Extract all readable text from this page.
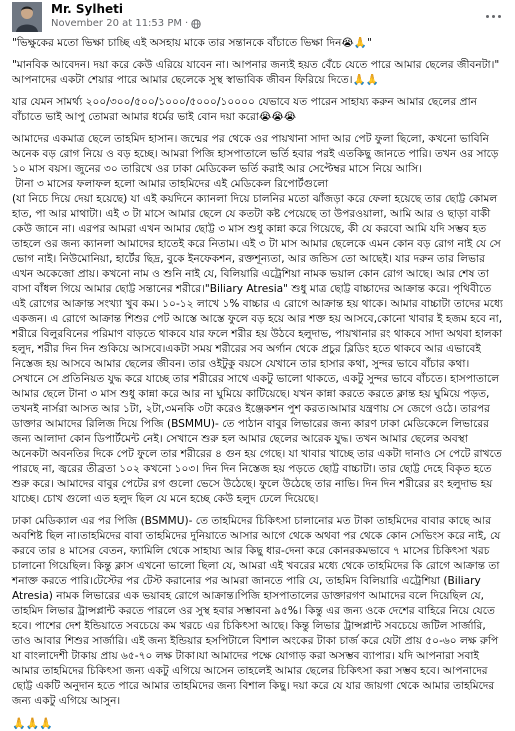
Mr. Sylheti
November 20 at 11:53 PM ·

"ভিক্ষুকের মতো ভিক্ষা চাচ্ছি এই অসহায় মাকে তার সন্তানকে বাঁচাতে ভিক্ষা দিন😭🙏"

"মানবিক আবেদন। দয়া করে কেউ এরিয়ে যাবেন না। আপনার জন্যই হয়ত বেঁচে যেতে পারে আমার ছেলের জীবনটা।" আপনাদের একটা শেয়ার পারে আমার ছেলেকে সুস্থ স্বাভাবিক জীবন ফিরিয়ে দিতে।🙏🙏

যার যেমন সামর্থ্য ২০০/৩০০/৫০০/১০০০/৫০০০/১০০০০ যেভাবে যত পারেন সাহায্য করুন আমার ছেলের প্রান বাঁচাতে ভাই আপু তোমরা আমার ধর্মের ভাই বোন দয়া করো😭😭😭

আমাদের একমাত্র ছেলে তাহমিদ হাসান। জন্মের পর থেকে ওর পায়খানা সাদা আর পেট ফুলা ছিলো, কখনো ভাবিনি অনেক বড় রোগ নিয়ে ও বড় হচ্ছে। আমরা পিজি হাসপাতালে ভর্তি হবার পরই এতকিছু জানতে পারি। তখন ওর সাড়ে ১০ মাস বয়স। জুনের ৩০ তারিখে ওর ঢাকা মেডিকেল ভর্তি করাই আর সেপ্টেম্বর মাসে নিয়ে আসি।
টানা ৩ মাসের ফলাফল হলো আমার তাহমিদের এই মেডিকেল রিপোর্টগুলো
(যা নিচে দিয়ে দেয়া হয়েছে) যা এই কয়দিনে ক্যানলা দিয়ে চালনির মতো ঝাঁজড়া করে ফেলা হয়েছে তার ছোট্ট কোমল হাত, পা আর মাথাটা। এই ৩ টা মাসে আমার ছেলে যে কতটা কষ্ট পেয়েছে তা উপরওয়ালা, আমি আর ও ছাড়া বাকী কেউ জানে না। এরপর আমরা এখন আমার ছোট্ট ৩ মাস শুধু কান্না করে গিয়েছে, কী যে করবো আমি যদি সম্ভব হত তাহলে ওর জন্য ক্যানলা আমাদের হাতেই করে নিতাম। এই ৩ টা মাস আমার ছেলেকে এমন কোন বড় রোগ নাই যে সে ভোগ নাই। নিউমোনিয়া, হার্টের ছিদ্র, বুকে ইনফেকশন, রক্তশূন্যতা, আর জন্ডিস তো আছেই। যার দরুন তার লিভার এখন অকেজো প্রায়। কখনো নাম ও শুনি নাই যে, বিলিয়ারি এট্রেশিয়া নামক ভয়াল কোন রোগ আছে। আর শেষ তা বাসা বাঁধল গিয়ে আমার ছোট্ট সন্তানের শরীরে।"Biliary Atresia" শুধু মাত্র ছোট্ট বাচ্চাদের আক্রান্ত করে। পৃথিবীতে এই রোগের আক্রান্ত সংখ্যা খুব কম। ১০-১২ লাখে ১% বাচ্চার এ রোগে আক্রান্ত হয় থাকে। আমার বাচ্চাটা তাদের মধ্যে একজন। এ রোগে আক্রান্ত শিশুর পেট আস্তে আস্তে ফুলে বড় হয়ে আর শক্ত হয় আসবে,কোনো খাবার ই হজম হবে না, শরীরে বিলুরবিনের পরিমাণ বাড়তে থাকবে যার ফলে শরীর হয় উঠবে হলুদাভ, পায়খানার রং থাকবে সাদা অথবা হালকা হলুদ, শরীর দিন দিন শুকিয়ে আসবে।একটা সময় শরীরের সব অর্গান থেকে প্রচুর ব্লিডিং হতে থাকবে আর এভাবেই নিস্তেজ হয় আসবে আমার ছেলের জীবন। তার ওইটুকু বয়সে যেখানে তার হাসার কথা, সুন্দর ভাবে বাঁচার কথা। সেখানে সে প্রতিনিয়ত যুদ্ধ করে যাচ্ছে তার শরীরের সাথে একটু ভালো থাকতে, একটু সুন্দর ভাবে বাঁচতে। হাসপাতালে আমার ছেলে টানা ৩ মাস শুধু কান্না করে আর না ঘুমিয়ে কাটিয়েছে। যখন কান্না করতে করতে ক্লান্ত হয় ঘুমিয়ে পড়ত, তখনই নার্সরা আসত আর ১টা, ২টা,৩মনকি ৩টা করেও ইঞ্জেকশন পুশ করত।আমার যন্ত্রণায় সে জেগে ওঠে। তারপর ডাক্তার আমাদের রিলিজ দিয়ে পিজি (BSMMU)- তে পাঠান বাবুর লিভারের জন্য কারণ ঢাকা মেডিকেলে লিভারের জন্য আলাদা কোন ডিপার্টমেন্ট নেই। সেখানে শুরু হল আমার ছেলের আরেক যুদ্ধ। তখন আমার ছেলের অবস্থা অনেকটা অবনতির দিকে পেট ফুলে তার শরীরের ৪ গুন হয় গেছে। যা খাবার খাচ্ছে তার একটা দানাও সে পেটে রাখতে পারছে না, জ্বরের তীব্রতা ১০২ কখনো ১০৩। দিন দিন নিস্তেজ হয় পড়তে ছোট্ট বাচ্চাটা। তার ছোট্ট দেহে বিকৃত হতে শুরু করে। আমাদের বাবুর পেটের রগ গুলো ভেসে উঠেছে। ফুলে উঠেছে তার নাভি। দিন দিন শরীরের রং হলুদাভ হয় যাচ্ছে। চোখ গুলো এত হলুদ ছিল যে মনে হচ্ছে কেউ হলুদ ঢেলে দিয়েছে।

ঢাকা মেডিক্যাল এর পর পিজি (BSMMU)- তে তাহমিদের চিকিৎসা চালানোর মত টাকা তাহমিদের বাবার কাছে আর অবশিষ্ট ছিল না।তাহমিদের বাবা তাহমিদের দুনিয়াতে আসার আগে থেকে অথবা পর থেকে কোন সেভিংস করে নাই, যে করবে তার ৪ মাসের বেতন, ফ্যামিলি থেকে সাহায্য আর কিছু ধার-দেনা করে কোনরকমভাবে ৭ মাসের চিকিৎসা খরচ চালানো গিয়েছিল। কিন্তু ক্লাস এখনো ভালো ছিলা যে, আমরা এই খবরের মধ্যে থেকে তাহমিদের কি রোগে আক্রান্ত তা শনাক্ত করতে পারি।টেস্টের পর টেস্ট করানোর পর আমরা জানতে পারি যে, তাহমিদ বিলিয়ারি এট্রেশিয়া (Biliary Atresia) নামক লিভারের এক ভয়াবহ রোগে আক্রান্ত।পিজি হাসপাতালের ডাক্তারগণ আমাদের বলে দিয়েছিল যে, তাহমিদ লিভার ট্রান্সপ্লান্ট করতে পারলে ওর সুস্থ হবার সম্ভাবনা ৯৫%। কিন্তু এর জন্য ওকে দেশের বাহিরে নিয়ে যেতে হবে। পাশের দেশ ইন্ডিয়াতে সবচেয়ে কম খরচে এর চিকিৎসা আছে। কিন্তু লিভার ট্রান্সপ্লান্ট সবচেয়ে জটিল সার্জারি, তাও আবার শিশুর সার্জারি। এই জন্য ইন্ডিয়ার হসপিটালে বিশাল অংকের টাকা চার্জ করে যেটা প্রায় ৫০-৬০ লক্ষ রুপি যা বাংলাদেশী টাকায় প্রায় ৬৫-৭০ লক্ষ টাকা।যা আমাদের পক্ষে যোগাড় করা অসম্ভব ব্যাপার। যদি আপনারা সবাই আমার তাহমিদের চিকিৎসা জন্য একটু এগিয়ে আসেন তাহলেই আমার ছেলের চিকিৎসা করা সম্ভব হবে। আপনাদের ছোট্ট একটি অনুদান হতে পারে আমার তাহমিদের জন্য বিশাল কিছু। দয়া করে যে যার জায়গা থেকে আমার তাহমিদের জন্য একটু এগিয়ে আসুন।

🙏🙏🙏
